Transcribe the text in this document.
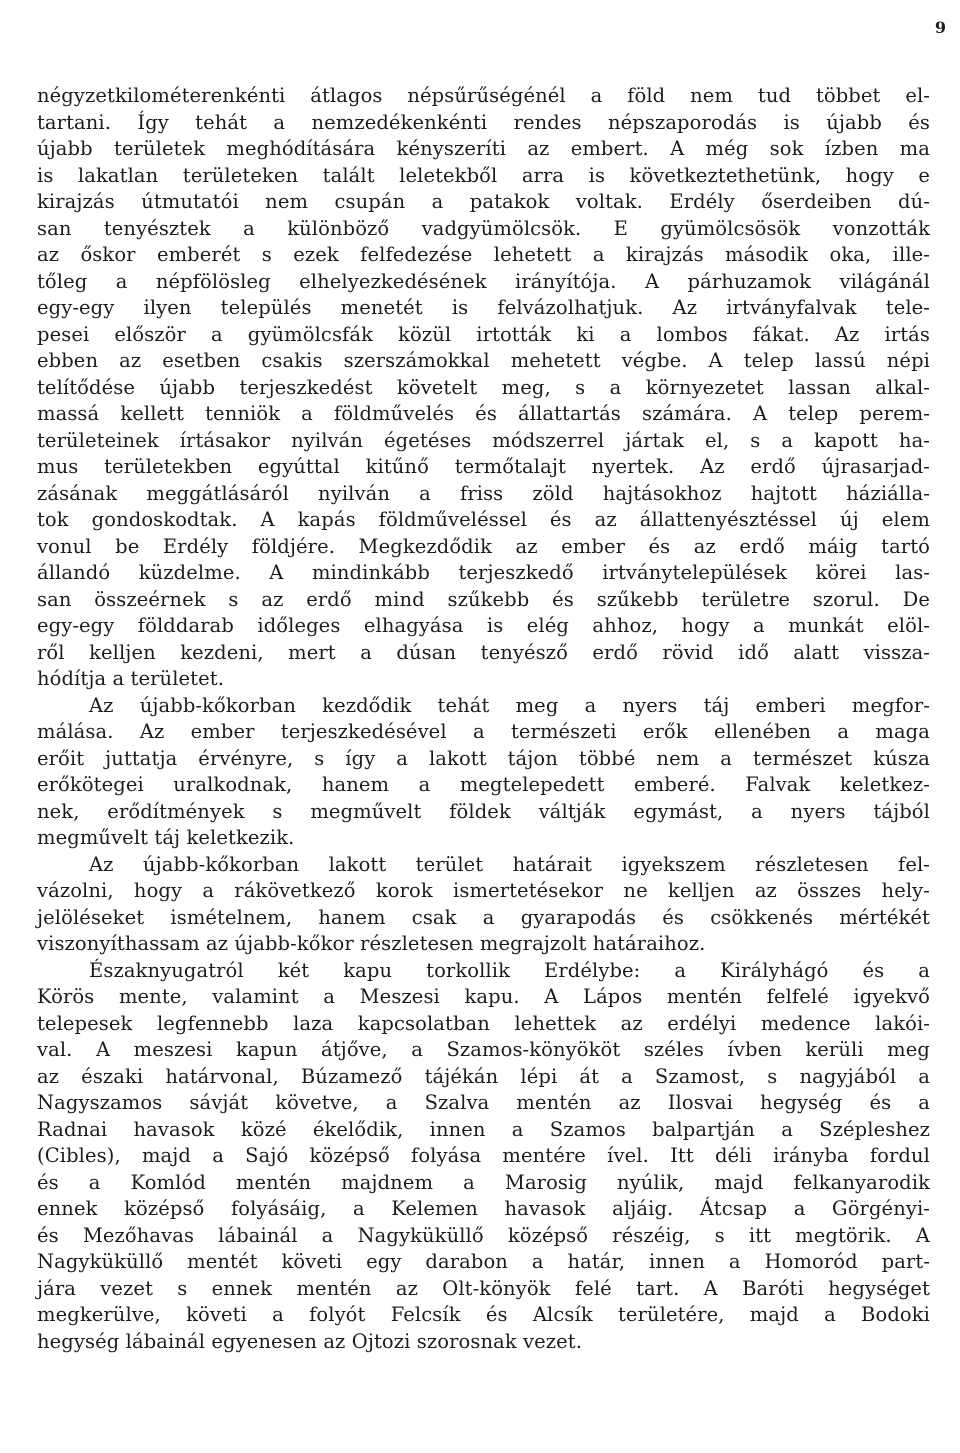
9
négyzetkilométerenkénti átlagos népsűrűségénél a föld nem tud többet el-
tartani. Így tehát a nemzedékenkénti rendes népszaporodás is újabb és
újabb területek meghódítására kényszeríti az embert. A még sok ízben ma
is lakatlan területeken talált leletekből arra is következtethetünk, hogy e
kirajzás útmutatói nem csupán a patakok voltak. Erdély őserdeiben dú-
san tenyésztek a különböző vadgyümölcsök. E gyümölcsösök vonzották
az őskor emberét s ezek felfedezése lehetett a kirajzás második oka, ille-
tőleg a népfölösleg elhelyezkedésének irányítója. A párhuzamok világánál
egy-egy ilyen település menetét is felvázolhatjuk. Az irtványfalvak tele-
pesei először a gyümölcsfák közül irtották ki a lombos fákat. Az irtás
ebben az esetben csakis szerszámokkal mehetett végbe. A telep lassú népi
telítődése újabb terjeszkedést követelt meg, s a környezetet lassan alkal-
massá kellett tenniök a földművelés és állattartás számára. A telep perem-
területeinek írtásakor nyilván égetéses módszerrel jártak el, s a kapott ha-
mus területekben egyúttal kitűnő termőtalajt nyertek. Az erdő újrasarjad-
zásának meggátlásáról nyilván a friss zöld hajtásokhoz hajtott háziálla-
tok gondoskodtak. A kapás földműveléssel és az állattenyésztéssel új elem
vonul be Erdély földjére. Megkezdődik az ember és az erdő máig tartó
állandó küzdelme. A mindinkább terjeszkedő irtványtelepülések körei las-
san összeérnek s az erdő mind szűkebb és szűkebb területre szorul. De
egy-egy földdarab időleges elhagyása is elég ahhoz, hogy a munkát elöl-
ről kelljen kezdeni, mert a dúsan tenyésző erdő rövid idő alatt vissza-
hódítja a területet.
Az újabb-kőkorban kezdődik tehát meg a nyers táj emberi megfor-
málása. Az ember terjeszkedésével a természeti erők ellenében a maga
erőit juttatja érvényre, s így a lakott tájon többé nem a természet kúsza
erőkötegei uralkodnak, hanem a megtelepedett emberé. Falvak keletkez-
nek, erődítmények s megművelt földek váltják egymást, a nyers tájból
megművelt táj keletkezik.
Az újabb-kőkorban lakott terület határait igyekszem részletesen fel-
vázolni, hogy a rákövetkező korok ismertetésekor ne kelljen az összes hely-
jelöléseket ismételnem, hanem csak a gyarapodás és csökkenés mértékét
viszonyíthassam az újabb-kőkor részletesen megrajzolt határaihoz.
Északnyugatról két kapu torkollik Erdélybe: a Királyhágó és a
Körös mente, valamint a Meszesi kapu. A Lápos mentén felfelé igyekvő
telepesek legfennebb laza kapcsolatban lehettek az erdélyi medence lakói-
val. A meszesi kapun átjőve, a Szamos-könyököt széles ívben kerüli meg
az északi határvonal, Búzamező tájékán lépi át a Szamost, s nagyjából a
Nagyszamos sávját követve, a Szalva mentén az Ilosvai hegység és a
Radnai havasok közé ékelődik, innen a Szamos balpartján a Szépleshez
(Cibles), majd a Sajó középső folyása mentére ível. Itt déli irányba fordul
és a Komlód mentén majdnem a Marosig nyúlik, majd felkanyarodik
ennek középső folyásáig, a Kelemen havasok aljáig. Átcsap a Görgényi-
és Mezőhavas lábainál a Nagyküküllő középső részéig, s itt megtörik. A
Nagyküküllő mentét követi egy darabon a határ, innen a Homoród part-
jára vezet s ennek mentén az Olt-könyök felé tart. A Baróti hegységet
megkerülve, követi a folyót Felcsík és Alcsík területére, majd a Bodoki
hegység lábainál egyenesen az Ojtozi szorosnak vezet.
